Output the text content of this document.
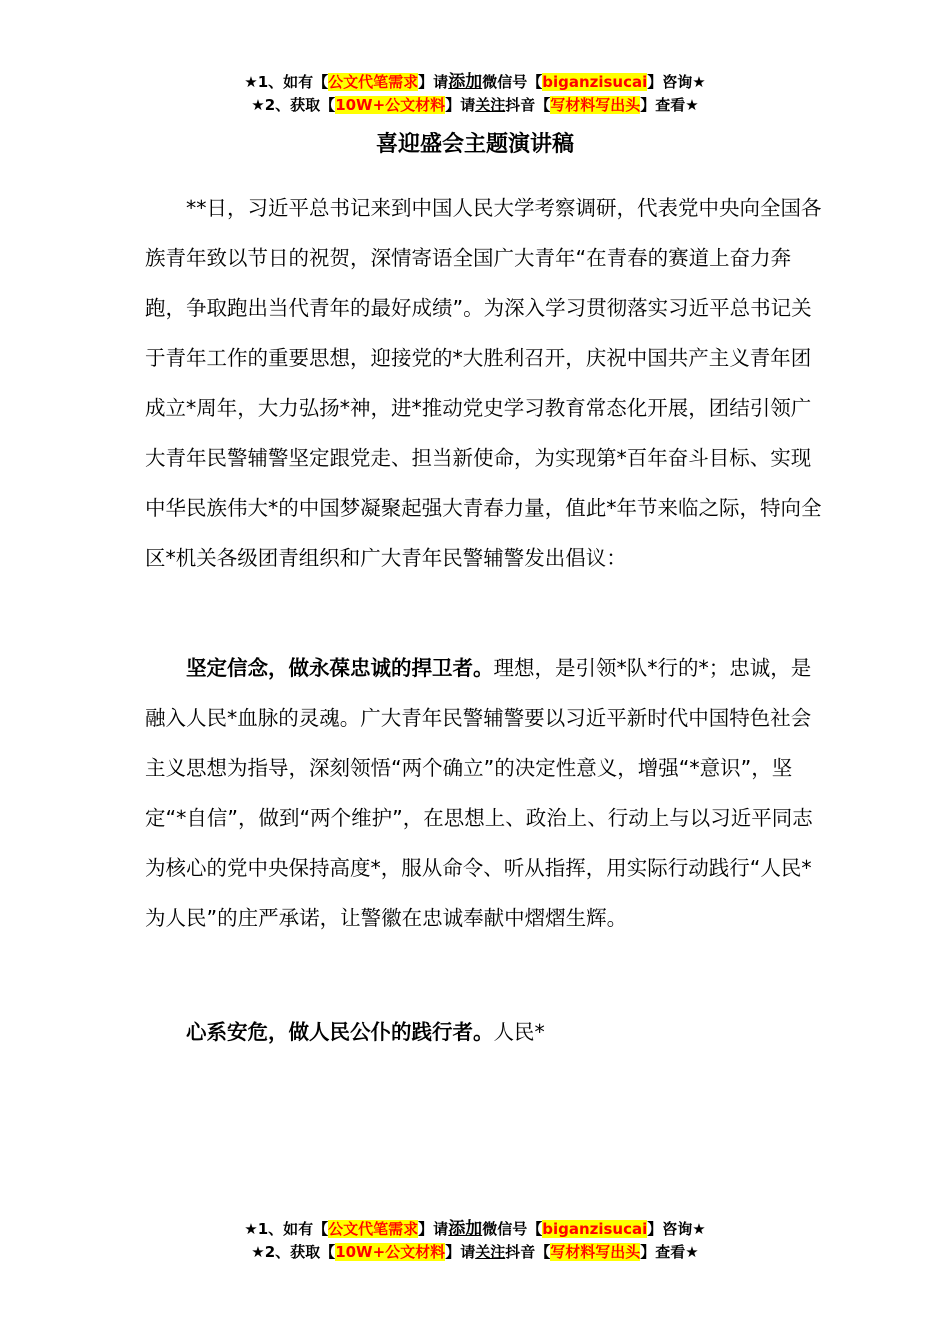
★1、如有【公文代笔需求】请添加微信号【biganzisucai】咨询★
★2、获取【10W+公文材料】请关注抖音【写材料写出头】查看★
喜迎盛会主题演讲稿

**日，习近平总书记来到中国人民大学考察调研，代表党中央向全国各族青年致以节日的祝贺，深情寄语全国广大青年“在青春的赛道上奋力奔跑，争取跑出当代青年的最好成绩”。为深入学习贯彻落实习近平总书记关于青年工作的重要思想，迎接党的*大胜利召开，庆祝中国共产主义青年团成立*周年，大力弘扬*神，进*推动党史学习教育常态化开展，团结引领广大青年民警辅警坚定跟党走、担当新使命，为实现第*百年奋斗目标、实现中华民族伟大*的中国梦凝聚起强大青春力量，值此*年节来临之际，特向全区*机关各级团青组织和广大青年民警辅警发出倡议：

坚定信念，做永葆忠诚的捍卫者。理想，是引领*队*行的*；忠诚，是融入人民*血脉的灵魂。广大青年民警辅警要以习近平新时代中国特色社会主义思想为指导，深刻领悟“两个确立”的决定性意义，增强“*意识”，坚定“*自信”，做到“两个维护”，在思想上、政治上、行动上与以习近平同志为核心的党中央保持高度*，服从命令、听从指挥，用实际行动践行“人民*为人民”的庄严承诺，让警徽在忠诚奉献中熠熠生辉。

心系安危，做人民公仆的践行者。人民*

★1、如有【公文代笔需求】请添加微信号【biganzisucai】咨询★
★2、获取【10W+公文材料】请关注抖音【写材料写出头】查看★
